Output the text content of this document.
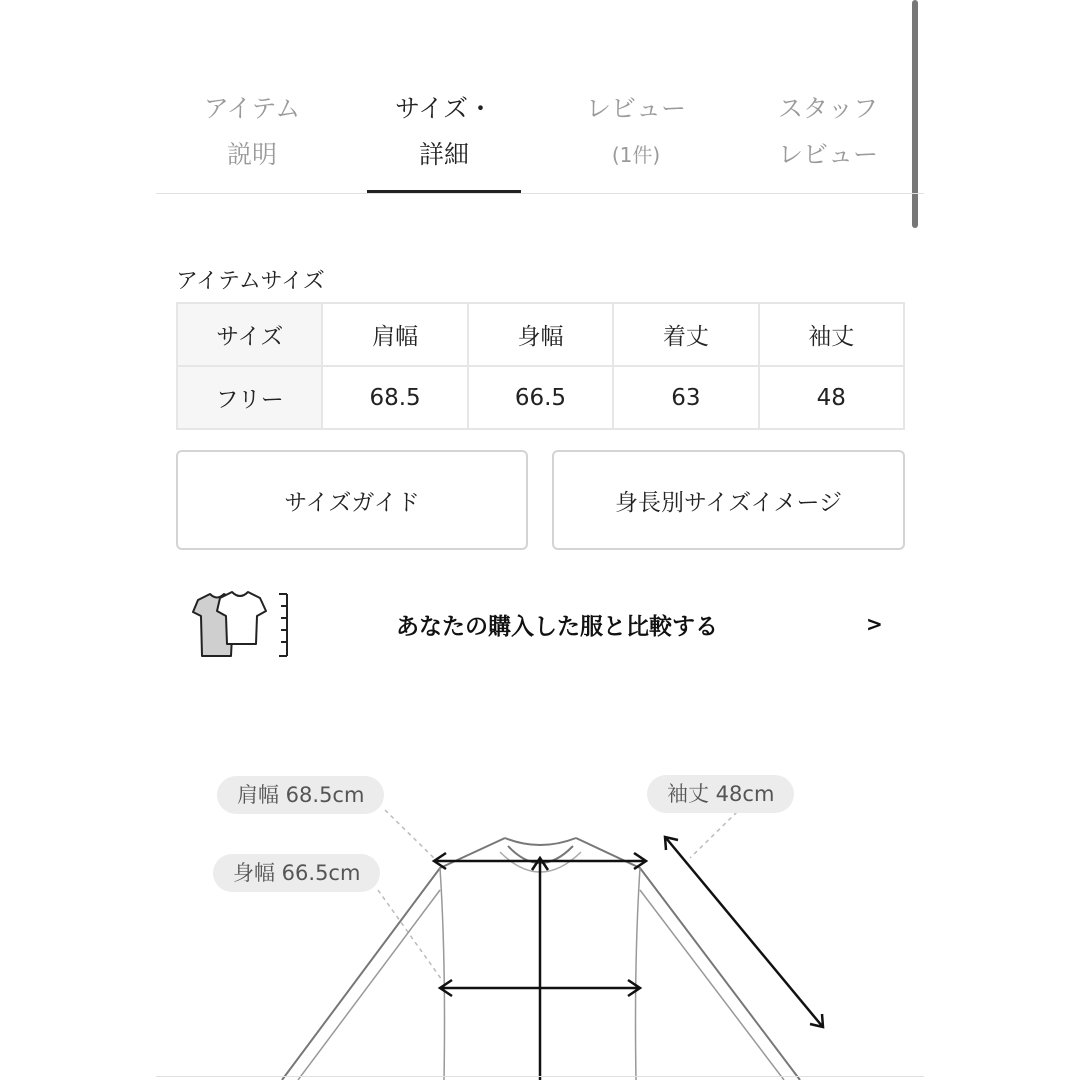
アイテム
説明
サイズ・
詳細
レビュー
(1件)
スタッフ
レビュー
アイテムサイズ
サイズ	肩幅	身幅	着丈	袖丈
フリー	68.5	66.5	63	48
サイズガイド	身長別サイズイメージ
あなたの購入した服と比較する	>
肩幅 68.5cm
身幅 66.5cm
袖丈 48cm
